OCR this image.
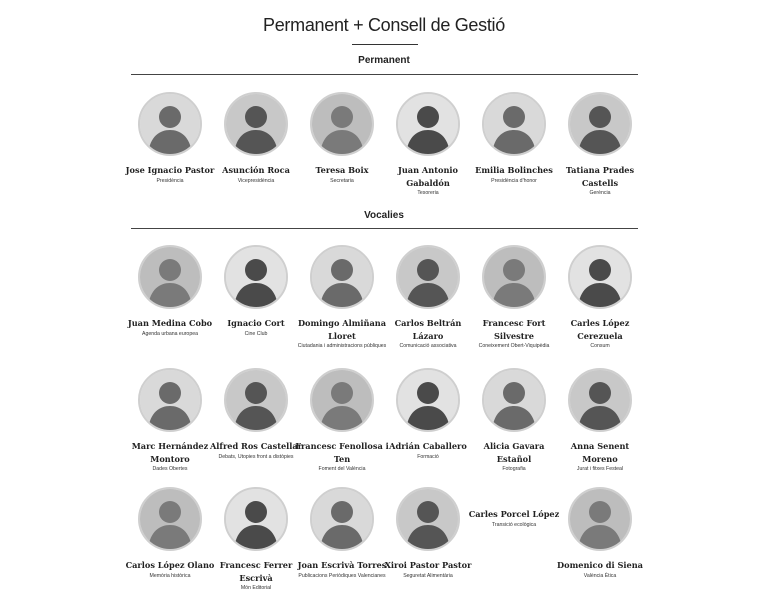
Permanent + Consell de Gestió
Permanent
Vocalies
Jose Ignacio Pastor
Presidència
Asunción Roca
Vicepresidència
Teresa Boix
Secretaria
Juan Antonio Gabaldón
Tesoreria
Emilia Bolinches
Presidència d'honor
Tatiana Prades Castells
Gerència
Juan Medina Cobo
Agenda urbana europea
Ignacio Cort
Cine Club
Domingo Almiñana Lloret
Ciutadania i administracions públiques
Carlos Beltrán Lázaro
Comunicació associativa
Francesc Fort Silvestre
Coneixement Obert-Viquipèdia
Carles López Cerezuela
Consum
Marc Hernández Montoro
Dades Obertes
Alfred Ros Castellar
Debats, Utopies front a distòpies
Francesc Fenollosa i Ten
Foment del València
Adrián Caballero
Formació
Alicia Gavara Estañol
Fotografia
Anna Senent Moreno
Jurat i fitxes Festeal
Carlos López Olano
Memòria històrica
Francesc Ferrer Escrivà
Món Editorial
Joan Escrivà Torres
Publicacions Periòdiques Valencianes
Xiroi Pastor Pastor
Seguretat Alimentària
Carles Porcel López
Transició ecològica
Domenico di Siena
València Ètica
